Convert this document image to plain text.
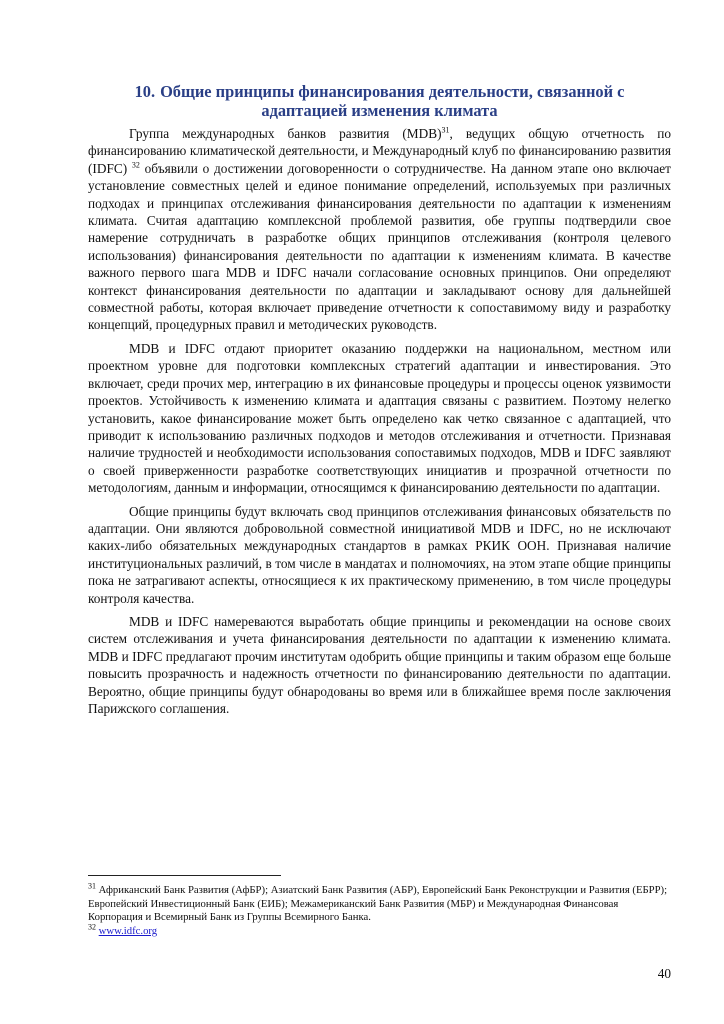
10. Общие принципы финансирования деятельности, связанной с
адаптацией изменения климата

Группа международных банков развития (MDB)$^{31}$, ведущих общую отчетность по финансированию климатической деятельности, и Международный клуб по финансированию развития (IDFC) $^{32}$ объявили о достижении договоренности о сотрудничестве. На данном этапе оно включает установление совместных целей и единое понимание определений, используемых при различных подходах и принципах отслеживания финансирования деятельности по адаптации к изменениям климата. Считая адаптацию комплексной проблемой развития, обе группы подтвердили свое намерение сотрудничать в разработке общих принципов отслеживания (контроля целевого использования) финансирования деятельности по адаптации к изменениям климата. В качестве важного первого шага MDB и IDFC начали согласование основных принципов. Они определяют контекст финансирования деятельности по адаптации и закладывают основу для дальнейшей совместной работы, которая включает приведение отчетности к сопоставимому виду и разработку концепций, процедурных правил и методических руководств.

MDB и IDFC отдают приоритет оказанию поддержки на национальном, местном или проектном уровне для подготовки комплексных стратегий адаптации и инвестирования. Это включает, среди прочих мер, интеграцию в их финансовые процедуры и процессы оценок уязвимости проектов. Устойчивость к изменению климата и адаптация связаны с развитием. Поэтому нелегко установить, какое финансирование может быть определено как четко связанное с адаптацией, что приводит к использованию различных подходов и методов отслеживания и отчетности. Признавая наличие трудностей и необходимости использования сопоставимых подходов, MDB и IDFC заявляют о своей приверженности разработке соответствующих инициатив и прозрачной отчетности по методологиям, данным и информации, относящимся к финансированию деятельности по адаптации.

Общие принципы будут включать свод принципов отслеживания финансовых обязательств по адаптации. Они являются добровольной совместной инициативой MDB и IDFC, но не исключают каких-либо обязательных международных стандартов в рамках РКИК ООН. Признавая наличие институциональных различий, в том числе в мандатах и полномочиях, на этом этапе общие принципы пока не затрагивают аспекты, относящиеся к их практическому применению, в том числе процедуры контроля качества.

MDB и IDFC намереваются выработать общие принципы и рекомендации на основе своих систем отслеживания и учета финансирования деятельности по адаптации к изменению климата. MDB и IDFC предлагают прочим институтам одобрить общие принципы и таким образом еще больше повысить прозрачность и надежность отчетности по финансированию деятельности по адаптации. Вероятно, общие принципы будут обнародованы во время или в ближайшее время после заключения Парижского соглашения.

$^{31}$ Африканский Банк Развития (АфБР); Азиатский Банк Развития (АБР), Европейский Банк Реконструкции и Развития (ЕБРР); Европейский Инвестиционный Банк (ЕИБ); Межамериканский Банк Развития (МБР) и Международная Финансовая Корпорация и Всемирный Банк из Группы Всемирного Банка.

$^{32}$ www.idfc.org

40
